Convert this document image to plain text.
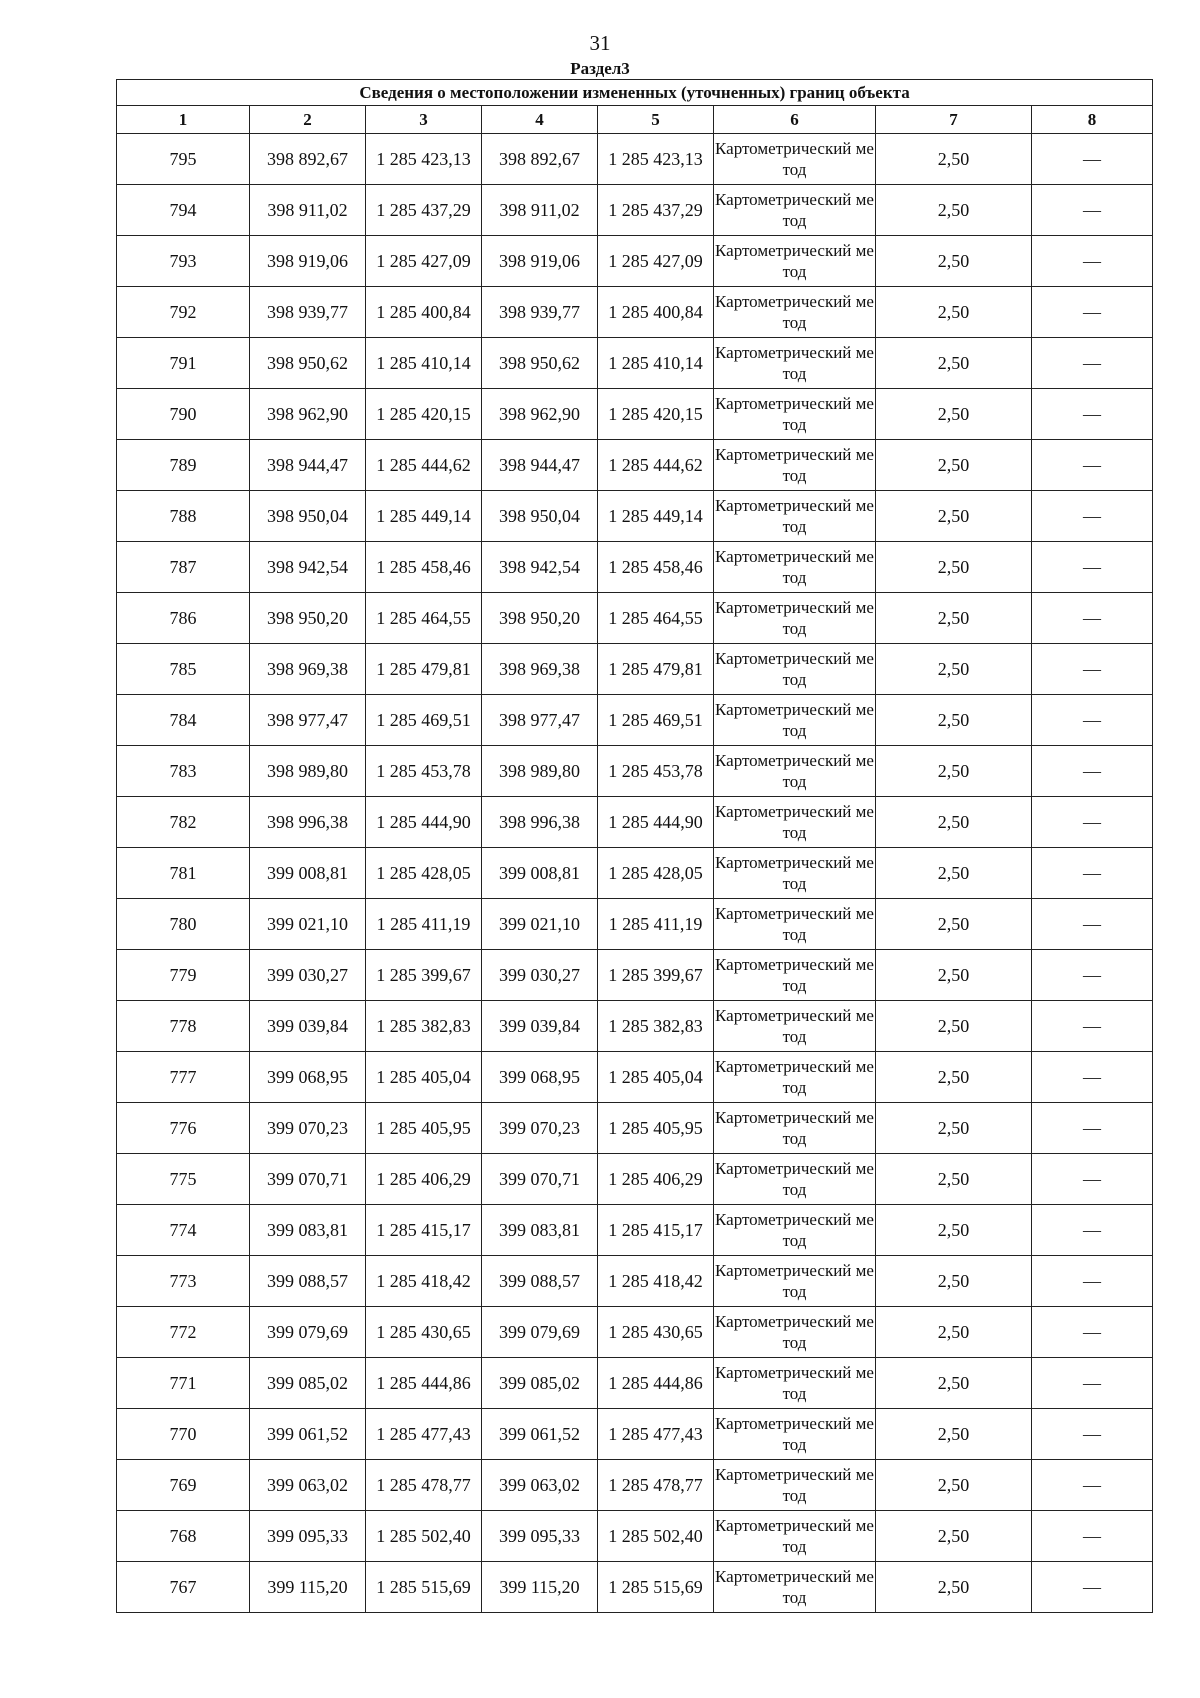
31
Раздел3
Сведения о местоположении измененных (уточненных) границ объекта							
1	2	3	4	5	6	7	8
795	398 892,67	1 285 423,13	398 892,67	1 285 423,13	Картометрический метод	2,50	—
794	398 911,02	1 285 437,29	398 911,02	1 285 437,29	Картометрический метод	2,50	—
793	398 919,06	1 285 427,09	398 919,06	1 285 427,09	Картометрический метод	2,50	—
792	398 939,77	1 285 400,84	398 939,77	1 285 400,84	Картометрический метод	2,50	—
791	398 950,62	1 285 410,14	398 950,62	1 285 410,14	Картометрический метод	2,50	—
790	398 962,90	1 285 420,15	398 962,90	1 285 420,15	Картометрический метод	2,50	—
789	398 944,47	1 285 444,62	398 944,47	1 285 444,62	Картометрический метод	2,50	—
788	398 950,04	1 285 449,14	398 950,04	1 285 449,14	Картометрический метод	2,50	—
787	398 942,54	1 285 458,46	398 942,54	1 285 458,46	Картометрический метод	2,50	—
786	398 950,20	1 285 464,55	398 950,20	1 285 464,55	Картометрический метод	2,50	—
785	398 969,38	1 285 479,81	398 969,38	1 285 479,81	Картометрический метод	2,50	—
784	398 977,47	1 285 469,51	398 977,47	1 285 469,51	Картометрический метод	2,50	—
783	398 989,80	1 285 453,78	398 989,80	1 285 453,78	Картометрический метод	2,50	—
782	398 996,38	1 285 444,90	398 996,38	1 285 444,90	Картометрический метод	2,50	—
781	399 008,81	1 285 428,05	399 008,81	1 285 428,05	Картометрический метод	2,50	—
780	399 021,10	1 285 411,19	399 021,10	1 285 411,19	Картометрический метод	2,50	—
779	399 030,27	1 285 399,67	399 030,27	1 285 399,67	Картометрический метод	2,50	—
778	399 039,84	1 285 382,83	399 039,84	1 285 382,83	Картометрический метод	2,50	—
777	399 068,95	1 285 405,04	399 068,95	1 285 405,04	Картометрический метод	2,50	—
776	399 070,23	1 285 405,95	399 070,23	1 285 405,95	Картометрический метод	2,50	—
775	399 070,71	1 285 406,29	399 070,71	1 285 406,29	Картометрический метод	2,50	—
774	399 083,81	1 285 415,17	399 083,81	1 285 415,17	Картометрический метод	2,50	—
773	399 088,57	1 285 418,42	399 088,57	1 285 418,42	Картометрический метод	2,50	—
772	399 079,69	1 285 430,65	399 079,69	1 285 430,65	Картометрический метод	2,50	—
771	399 085,02	1 285 444,86	399 085,02	1 285 444,86	Картометрический метод	2,50	—
770	399 061,52	1 285 477,43	399 061,52	1 285 477,43	Картометрический метод	2,50	—
769	399 063,02	1 285 478,77	399 063,02	1 285 478,77	Картометрический метод	2,50	—
768	399 095,33	1 285 502,40	399 095,33	1 285 502,40	Картометрический метод	2,50	—
767	399 115,20	1 285 515,69	399 115,20	1 285 515,69	Картометрический метод	2,50	—
